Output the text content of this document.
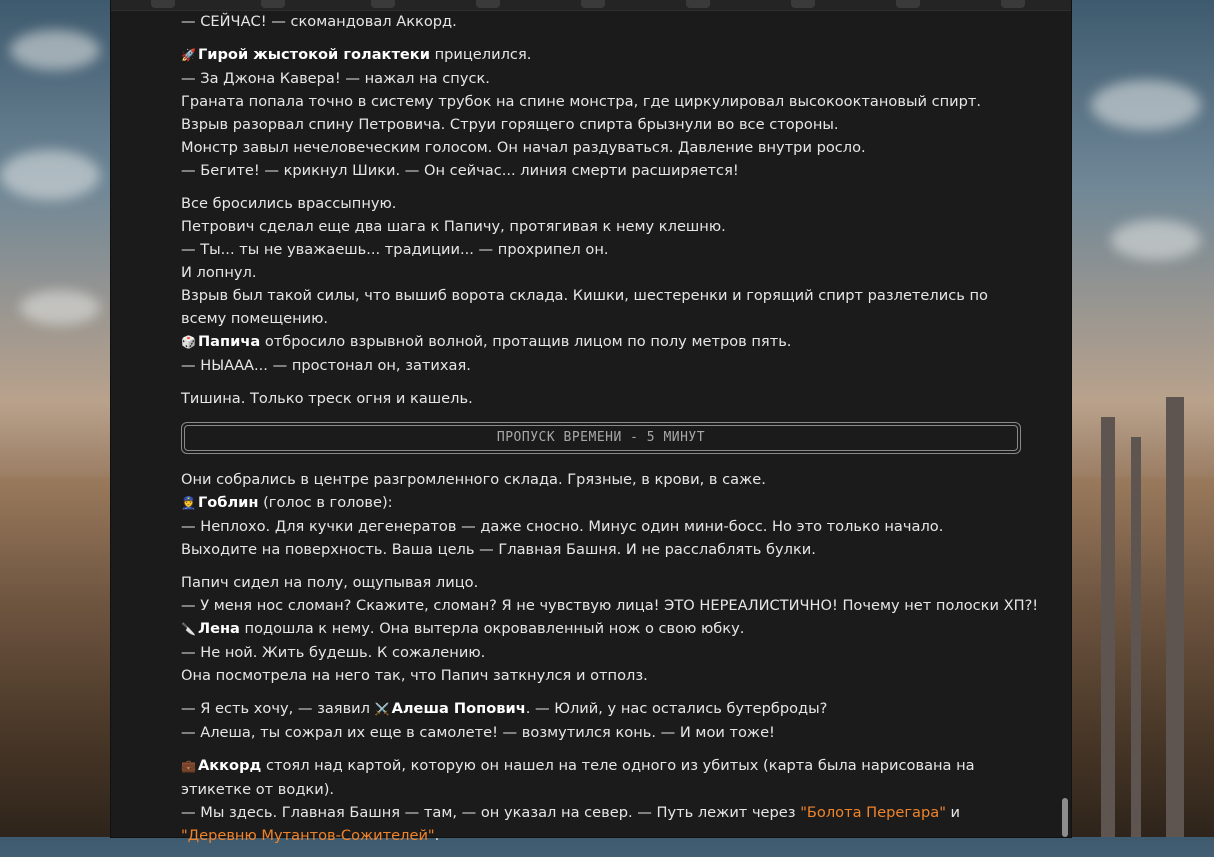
— СЕЙЧАС! — скомандовал Аккорд.
🚀 Гирой жыстокой голактеки прицелился.
— За Джона Кавера! — нажал на спуск.
Граната попала точно в систему трубок на спине монстра, где циркулировал высокооктановый спирт.
Взрыв разорвал спину Петровича. Струи горящего спирта брызнули во все стороны.
Монстр завыл нечеловеческим голосом. Он начал раздуваться. Давление внутри росло.
— Бегите! — крикнул Шики. — Он сейчас... линия смерти расширяется!
Все бросились врассыпную.
Петрович сделал еще два шага к Папичу, протягивая к нему клешню.
— Ты... ты не уважаешь... традиции... — прохрипел он.
И лопнул.
Взрыв был такой силы, что вышиб ворота склада. Кишки, шестеренки и горящий спирт разлетелись по всему помещению.
🎲 Папича отбросило взрывной волной, протащив лицом по полу метров пять.
— НЫААА... — простонал он, затихая.
Тишина. Только треск огня и кашель.
ПРОПУСК ВРЕМЕНИ - 5 МИНУТ
Они собрались в центре разгромленного склада. Грязные, в крови, в саже.
👮 Гоблин (голос в голове):
— Неплохо. Для кучки дегенератов — даже сносно. Минус один мини-босс. Но это только начало. Выходите на поверхность. Ваша цель — Главная Башня. И не расслаблять булки.
Папич сидел на полу, ощупывая лицо.
— У меня нос сломан? Скажите, сломан? Я не чувствую лица! ЭТО НЕРЕАЛИСТИЧНО! Почему нет полоски ХП?!
🔪 Лена подошла к нему. Она вытерла окровавленный нож о свою юбку.
— Не ной. Жить будешь. К сожалению.
Она посмотрела на него так, что Папич заткнулся и отполз.
— Я есть хочу, — заявил ⚔️ Алеша Попович. — Юлий, у нас остались бутерброды?
— Алеша, ты сожрал их еще в самолете! — возмутился конь. — И мои тоже!
💼 Аккорд стоял над картой, которую он нашел на теле одного из убитых (карта была нарисована на этикетке от водки).
— Мы здесь. Главная Башня — там, — он указал на север. — Путь лежит через "Болота Перегара" и "Деревню Мутантов-Сожителей".
